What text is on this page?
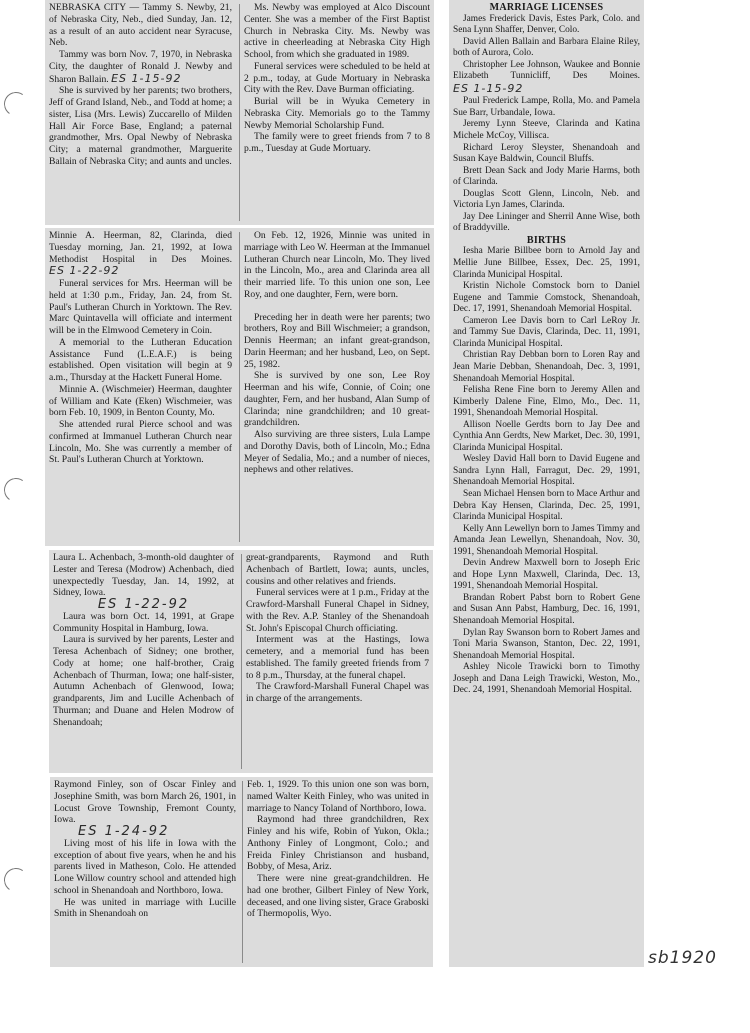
NEBRASKA CITY — Tammy S. Newby, 21, of Nebraska City, Neb., died Sunday, Jan. 12, as a result of an auto accident near Syracuse, Neb.

Tammy was born Nov. 7, 1970, in Nebraska City, the daughter of Ronald J. Newby and Sharon Ballain. ES 1-15-92

She is survived by her parents; two brothers, Jeff of Grand Island, Neb., and Todd at home; a sister, Lisa (Mrs. Lewis) Zuccarello of Milden Hall Air Force Base, England; a paternal grandmother, Mrs. Opal Newby of Nebraska City; a maternal grandmother, Marguerite Ballain of Nebraska City; and aunts and uncles.

Ms. Newby was employed at Alco Discount Center. She was a member of the First Baptist Church in Nebraska City. Ms. Newby was active in cheerleading at Nebraska City High School, from which she graduated in 1989.

Funeral services were scheduled to be held at 2 p.m., today, at Gude Mortuary in Nebraska City with the Rev. Dave Burman officiating.

Burial will be in Wyuka Cemetery in Nebraska City. Memorials go to the Tammy Newby Memorial Scholarship Fund.

The family were to greet friends from 7 to 8 p.m., Tuesday at Gude Mortuary.

Minnie A. Heerman, 82, Clarinda, died Tuesday morning, Jan. 21, 1992, at Iowa Methodist Hospital in Des Moines. ES 1-22-92

Funeral services for Mrs. Heerman will be held at 1:30 p.m., Friday, Jan. 24, from St. Paul's Lutheran Church in Yorktown. The Rev. Marc Quintavella will officiate and interment will be in the Elmwood Cemetery in Coin.

A memorial to the Lutheran Education Assistance Fund (L.E.A.F.) is being established. Open visitation will begin at 9 a.m., Thursday at the Hackett Funeral Home.

Minnie A. (Wischmeier) Heerman, daughter of William and Kate (Eken) Wischmeier, was born Feb. 10, 1909, in Benton County, Mo.

She attended rural Pierce school and was confirmed at Immanuel Lutheran Church near Lincoln, Mo. She was currently a member of St. Paul's Lutheran Church at Yorktown.

On Feb. 12, 1926, Minnie was united in marriage with Leo W. Heerman at the Immanuel Lutheran Church near Lincoln, Mo. They lived in the Lincoln, Mo., area and Clarinda area all their married life. To this union one son, Lee Roy, and one daughter, Fern, were born.

Preceding her in death were her parents; two brothers, Roy and Bill Wischmeier; a grandson, Dennis Heerman; an infant great-grandson, Darin Heerman; and her husband, Leo, on Sept. 25, 1982.

She is survived by one son, Lee Roy Heerman and his wife, Connie, of Coin; one daughter, Fern, and her husband, Alan Sump of Clarinda; nine grandchildren; and 10 great-grandchildren.

Also surviving are three sisters, Lula Lampe and Dorothy Davis, both of Lincoln, Mo.; Edna Meyer of Sedalia, Mo.; and a number of nieces, nephews and other relatives.

Laura L. Achenbach, 3-month-old daughter of Lester and Teresa (Modrow) Achenbach, died unexpectedly Tuesday, Jan. 14, 1992, at Sidney, Iowa.

ES 1-22-92

Laura was born Oct. 14, 1991, at Grape Community Hospital in Hamburg, Iowa.

Laura is survived by her parents, Lester and Teresa Achenbach of Sidney; one brother, Cody at home; one half-brother, Craig Achenbach of Thurman, Iowa; one half-sister, Autumn Achenbach of Glenwood, Iowa; grandparents, Jim and Lucille Achenbach of Thurman; and Duane and Helen Modrow of Shenandoah;

great-grandparents, Raymond and Ruth Achenbach of Bartlett, Iowa; aunts, uncles, cousins and other relatives and friends.

Funeral services were at 1 p.m., Friday at the Crawford-Marshall Funeral Chapel in Sidney, with the Rev. A.P. Stanley of the Shenandoah St. John's Episcopal Church officiating.

Interment was at the Hastings, Iowa cemetery, and a memorial fund has been established. The family greeted friends from 7 to 8 p.m., Thursday, at the funeral chapel.

The Crawford-Marshall Funeral Chapel was in charge of the arrangements.

Raymond Finley, son of Oscar Finley and Josephine Smith, was born March 26, 1901, in Locust Grove Township, Fremont County, Iowa.

ES 1-24-92

Living most of his life in Iowa with the exception of about five years, when he and his parents lived in Matheson, Colo. He attended Lone Willow country school and attended high school in Shenandoah and Northboro, Iowa.

He was united in marriage with Lucille Smith in Shenandoah on

Feb. 1, 1929. To this union one son was born, named Walter Keith Finley, who was united in marriage to Nancy Toland of Northboro, Iowa.

Raymond had three grandchildren, Rex Finley and his wife, Robin of Yukon, Okla.; Anthony Finley of Longmont, Colo.; and Freida Finley Christianson and husband, Bobby, of Mesa, Ariz.

There were nine great-grandchildren. He had one brother, Gilbert Finley of New York, deceased, and one living sister, Grace Graboski of Thermopolis, Wyo.

MARRIAGE LICENSES

James Frederick Davis, Estes Park, Colo. and Sena Lynn Shaffer, Denver, Colo.

David Allen Ballain and Barbara Elaine Riley, both of Aurora, Colo.

Christopher Lee Johnson, Waukee and Bonnie Elizabeth Tunnicliff, Des Moines. ES 1-15-92

Paul Frederick Lampe, Rolla, Mo. and Pamela Sue Barr, Urbandale, Iowa.

Jeremy Lynn Steeve, Clarinda and Katina Michele McCoy, Villisca.

Richard Leroy Sleyster, Shenandoah and Susan Kaye Baldwin, Council Bluffs.

Brett Dean Sack and Jody Marie Harms, both of Clarinda.

Douglas Scott Glenn, Lincoln, Neb. and Victoria Lyn James, Clarinda.

Jay Dee Lininger and Sherril Anne Wise, both of Braddyville.

BIRTHS

Iesha Marie Billbee born to Arnold Jay and Mellie June Billbee, Essex, Dec. 25, 1991, Clarinda Municipal Hospital.

Kristin Nichole Comstock born to Daniel Eugene and Tammie Comstock, Shenandoah, Dec. 17, 1991, Shenandoah Memorial Hospital.

Cameron Lee Davis born to Carl LeRoy Jr. and Tammy Sue Davis, Clarinda, Dec. 11, 1991, Clarinda Municipal Hospital.

Christian Ray Debban born to Loren Ray and Jean Marie Debban, Shenandoah, Dec. 3, 1991, Shenandoah Memorial Hospital.

Felisha Rene Fine born to Jeremy Allen and Kimberly Dalene Fine, Elmo, Mo., Dec. 11, 1991, Shenandoah Memorial Hospital.

Allison Noelle Gerdts born to Jay Dee and Cynthia Ann Gerdts, New Market, Dec. 30, 1991, Clarinda Municipal Hospital.

Wesley David Hall born to David Eugene and Sandra Lynn Hall, Farragut, Dec. 29, 1991, Shenandoah Memorial Hospital.

Sean Michael Hensen born to Mace Arthur and Debra Kay Hensen, Clarinda, Dec. 25, 1991, Clarinda Municipal Hospital.

Kelly Ann Lewellyn born to James Timmy and Amanda Jean Lewellyn, Shenandoah, Nov. 30, 1991, Shenandoah Memorial Hospital.

Devin Andrew Maxwell born to Joseph Eric and Hope Lynn Maxwell, Clarinda, Dec. 13, 1991, Shenandoah Memorial Hospital.

Brandan Robert Pabst born to Robert Gene and Susan Ann Pabst, Hamburg, Dec. 16, 1991, Shenandoah Memorial Hospital.

Dylan Ray Swanson born to Robert James and Toni Maria Swanson, Stanton, Dec. 22, 1991, Shenandoah Memorial Hospital.

Ashley Nicole Trawicki born to Timothy Joseph and Dana Leigh Trawicki, Weston, Mo., Dec. 24, 1991, Shenandoah Memorial Hospital.

sb1920
